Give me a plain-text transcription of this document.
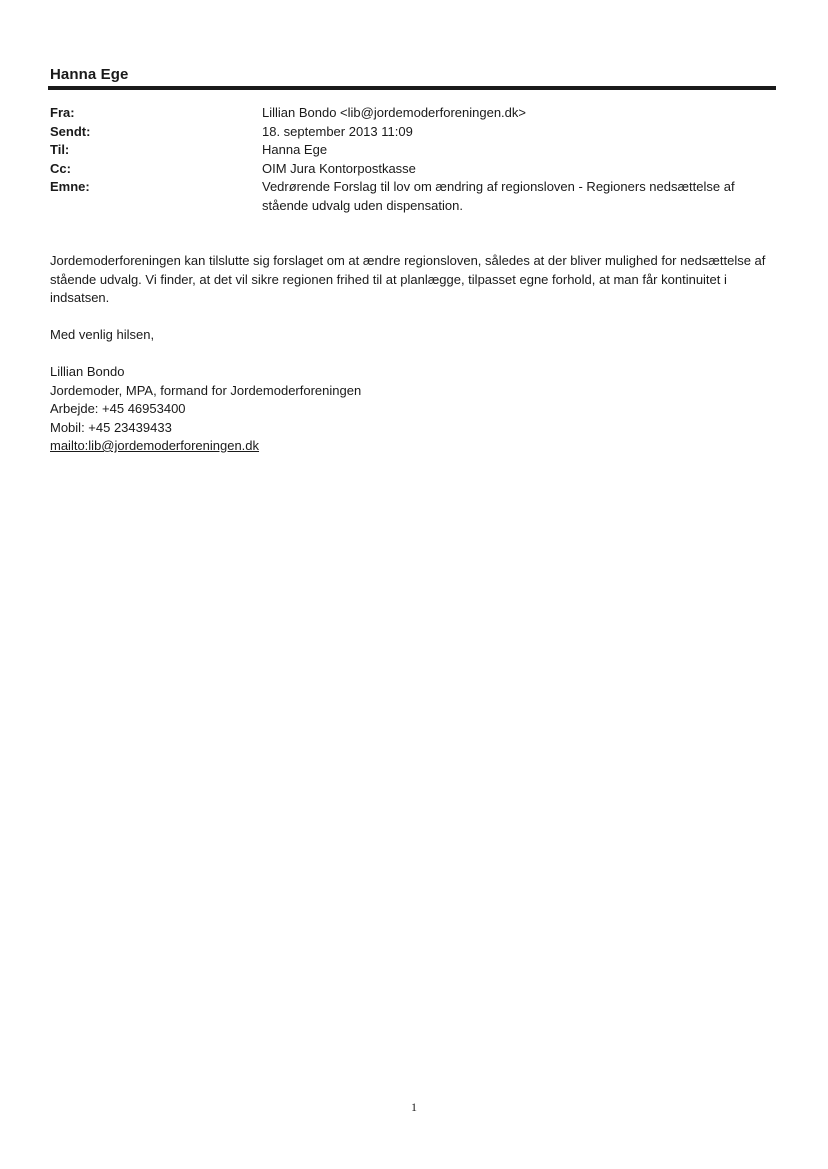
Hanna Ege
Fra:	Lillian Bondo <lib@jordemoderforeningen.dk>
Sendt:	18. september 2013 11:09
Til:	Hanna Ege
Cc:	OIM Jura Kontorpostkasse
Emne:	Vedrørende Forslag til lov om ændring af regionsloven - Regioners nedsættelse af stående udvalg uden dispensation.

Jordemoderforeningen kan tilslutte sig forslaget om at ændre regionsloven, således at der bliver mulighed for nedsættelse af stående udvalg. Vi finder, at det vil sikre regionen frihed til at planlægge, tilpasset egne forhold, at man får kontinuitet i indsatsen.

Med venlig hilsen,
Lillian Bondo
Jordemoder, MPA, formand for Jordemoderforeningen
Arbejde: +45 46953400
Mobil: +45 23439433
mailto:lib@jordemoderforeningen.dk
1
